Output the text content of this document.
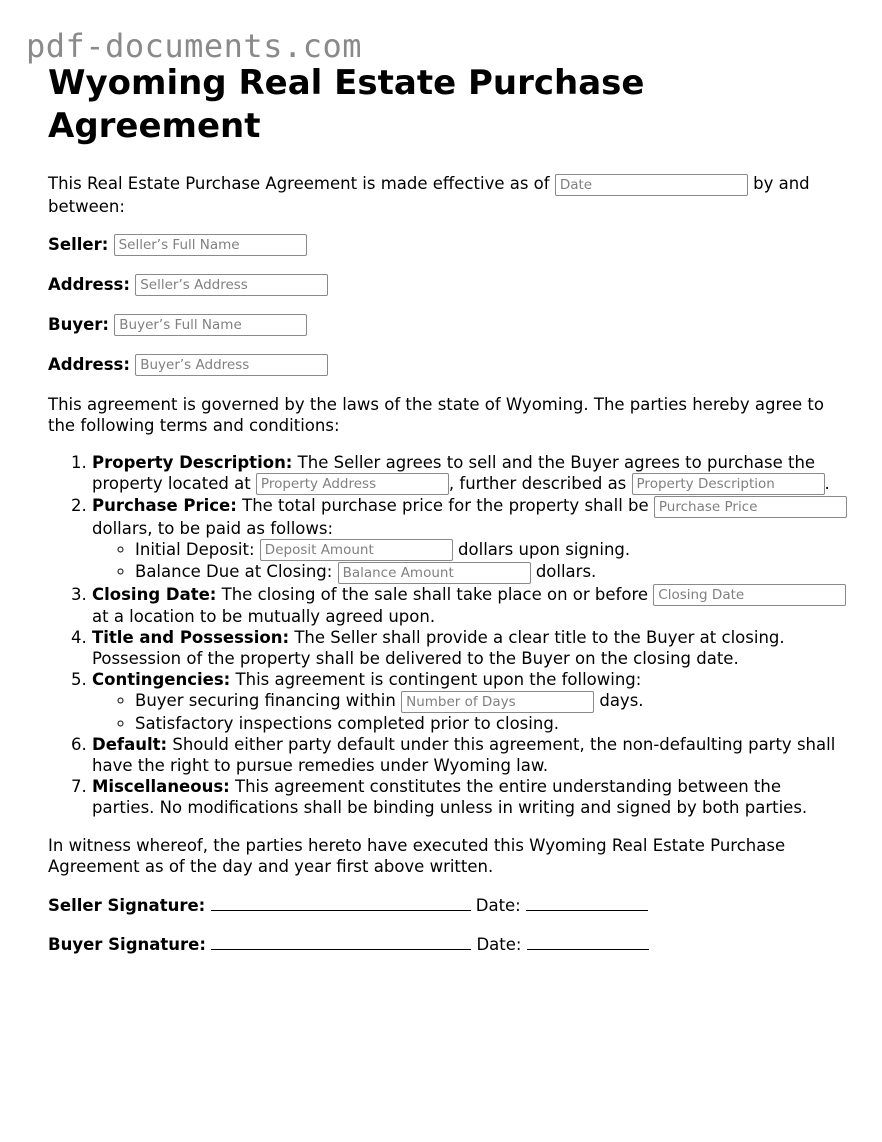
pdf-documents.com
Wyoming Real Estate Purchase Agreement

This Real Estate Purchase Agreement is made effective as of Date	by and between:

Seller: Seller’s Full Name
Address: Seller’s Address
Buyer: Buyer’s Full Name
Address: Buyer’s Address

This agreement is governed by the laws of the state of Wyoming. The parties hereby agree to the following terms and conditions:

1. Property Description: The Seller agrees to sell and the Buyer agrees to purchase the property located at Property Address	, further described as Property Description	.
2. Purchase Price: The total purchase price for the property shall be Purchase Price dollars, to be paid as follows:
◦ Initial Deposit: Deposit Amount	dollars upon signing.
◦ Balance Due at Closing: Balance Amount	dollars.
3. Closing Date: The closing of the sale shall take place on or before Closing Date at a location to be mutually agreed upon.
4. Title and Possession: The Seller shall provide a clear title to the Buyer at closing. Possession of the property shall be delivered to the Buyer on the closing date.
5. Contingencies: This agreement is contingent upon the following:
◦ Buyer securing financing within Number of Days	days.
◦ Satisfactory inspections completed prior to closing.
6. Default: Should either party default under this agreement, the non-defaulting party shall have the right to pursue remedies under Wyoming law.
7. Miscellaneous: This agreement constitutes the entire understanding between the parties. No modifications shall be binding unless in writing and signed by both parties.

In witness whereof, the parties hereto have executed this Wyoming Real Estate Purchase Agreement as of the day and year first above written.

Seller Signature:	Date:

Buyer Signature:	Date:
